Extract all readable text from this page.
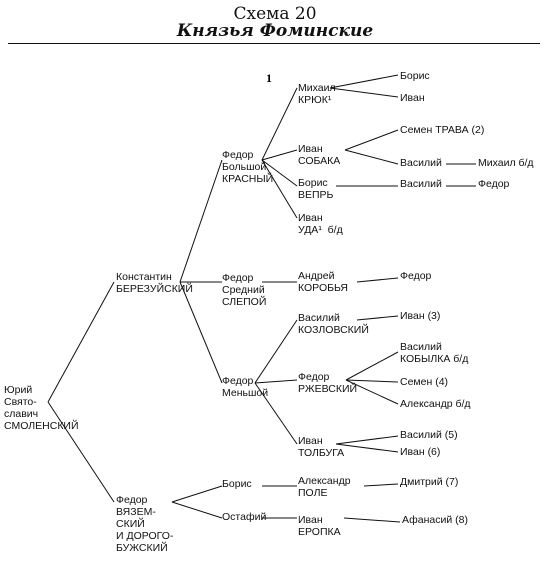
Схема 20
Князья Фоминские
1
Юрий
Свято-
славич
СМОЛЕНСКИЙ
Константин
БЕРЕЗУЙСКИЙ
Федор
ВЯЗЕМ-
СКИЙ
И ДОРОГО-
БУЖСКИЙ
Федор
Большой
КРАСНЫЙ
Федор
Средний
СЛЕПОЙ
Федор
Меньшой
Борис
Остафий
Михаил
КРЮК¹
Иван
СОБАКА
Борис
ВЕПРЬ
Иван
УДА¹  б/д
Андрей
КОРОБЬЯ
Василий
КОЗЛОВСКИЙ
Федор
РЖЕВСКИЙ
Иван
ТОЛБУГА
Александр
ПОЛЕ
Иван
ЕРОПКА
Борис
Иван
Семен ТРАВА (2)
Василий
Василий
Федор
Иван (3)
Василий
КОБЫЛКА б/д
Семен (4)
Александр б/д
Василий (5)
Иван (6)
Дмитрий (7)
Афанасий (8)
Михаил б/д
Федор
